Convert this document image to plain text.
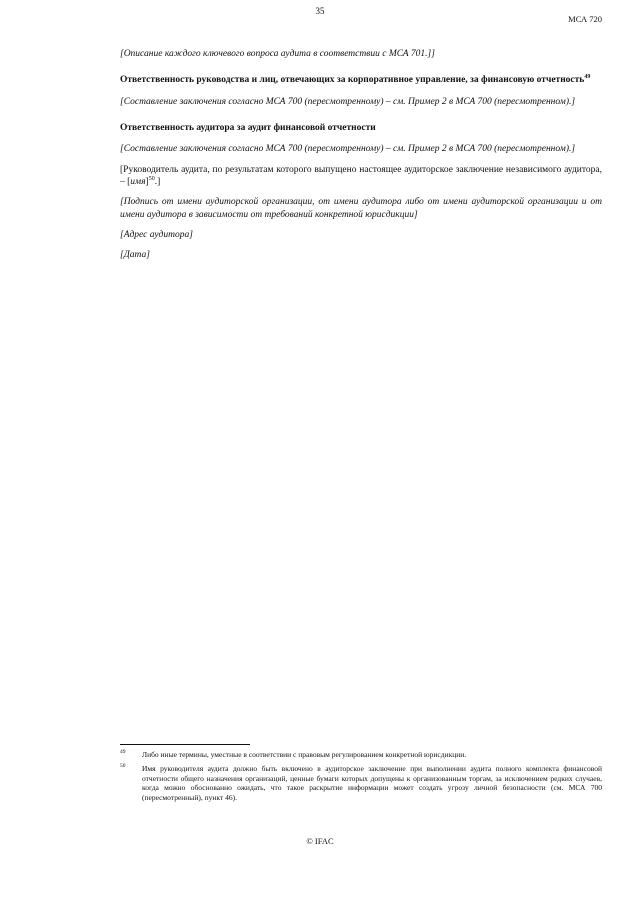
35
МСА 720

[Описание каждого ключевого вопроса аудита в соответствии с МСА 701.]]

Ответственность руководства и лиц, отвечающих за корпоративное управление, за финансовую отчетность$^{49}$

[Составление заключения согласно МСА 700 (пересмотренному) – см. Пример 2 в МСА 700 (пересмотренном).]

Ответственность аудитора за аудит финансовой отчетности

[Составление заключения согласно МСА 700 (пересмотренному) – см. Пример 2 в МСА 700 (пересмотренном).]

[Руководитель аудита, по результатам которого выпущено настоящее аудиторское заключение независимого аудитора, – [имя]$^{50}$.]

[Подпись от имени аудиторской организации, от имени аудитора либо от имени аудиторской организации и от имени аудитора в зависимости от требований конкретной юрисдикции]

[Адрес аудитора]

[Дата]

49	Либо иные термины, уместные в соответствии с правовым регулированием конкретной юрисдикции.
50	Имя руководителя аудита должно быть включено в аудиторское заключение при выполнении аудита полного комплекта финансовой отчетности общего назначения организаций, ценные бумаги которых допущены к организованным торгам, за исключением редких случаев, когда можно обоснованно ожидать, что такое раскрытие информации может создать угрозу личной безопасности (см. МСА 700 (пересмотренный), пункт 46).
© IFAC
